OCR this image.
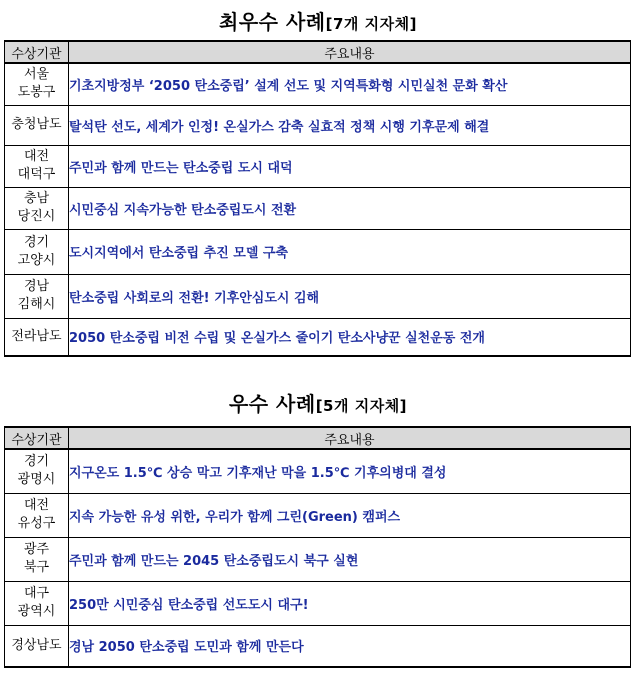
최우수 사례[7개 지자체]
수상기관	주요내용
서울
도봉구	기초지방정부 ‘2050 탄소중립’ 설계 선도 및 지역특화형 시민실천 문화 확산
충청남도	탈석탄 선도, 세계가 인정! 온실가스 감축 실효적 정책 시행 기후문제 해결
대전
대덕구	주민과 함께 만드는 탄소중립 도시 대덕
충남
당진시	시민중심 지속가능한 탄소중립도시 전환
경기
고양시	도시지역에서 탄소중립 추진 모델 구축
경남
김해시	탄소중립 사회로의 전환! 기후안심도시 김해
전라남도	2050 탄소중립 비전 수립 및 온실가스 줄이기 탄소사냥꾼 실천운동 전개
우수 사례[5개 지자체]
수상기관	주요내용
경기
광명시	지구온도 1.5℃ 상승 막고 기후재난 막을 1.5℃ 기후의병대 결성
대전
유성구	지속 가능한 유성 위한, 우리가 함께 그린(Green) 캠퍼스
광주
북구	주민과 함께 만드는 2045 탄소중립도시 북구 실현
대구
광역시	250만 시민중심 탄소중립 선도도시 대구!
경상남도	경남 2050 탄소중립 도민과 함께 만든다
